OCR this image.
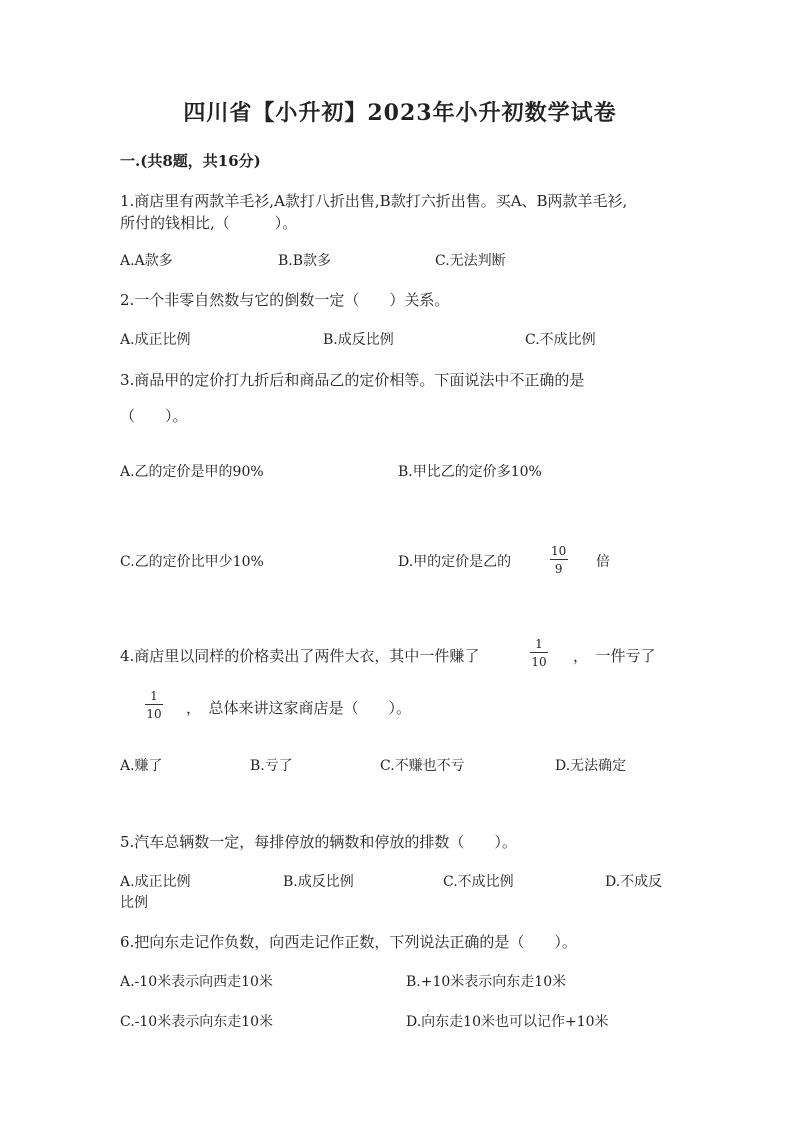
四川省【小升初】2023年小升初数学试卷
一.(共8题，共16分)
1.商店里有两款羊毛衫,A款打八折出售,B款打六折出售。买A、B两款羊毛衫,
所付的钱相比,（　　　）。
A.A款多	B.B款多	C.无法判断
2.一个非零自然数与它的倒数一定（　　）关系。
A.成正比例	B.成反比例	C.不成比例
3.商品甲的定价打九折后和商品乙的定价相等。下面说法中不正确的是
（　　）。
A.乙的定价是甲的90%	B.甲比乙的定价多10%
C.乙的定价比甲少10%	D.甲的定价是乙的
10
9 倍
4.商店里以同样的价格卖出了两件大衣，其中一件赚了
1
10 ，　一件亏了
1
10 ，　总体来讲这家商店是（　　）。
A.赚了	B.亏了	C.不赚也不亏	D.无法确定
5.汽车总辆数一定，每排停放的辆数和停放的排数（　　）。
A.成正比例	B.成反比例	C.不成比例	D.不成反
比例
6.把向东走记作负数，向西走记作正数，下列说法正确的是（　　）。
A.-10米表示向西走10米	B.+10米表示向东走10米
C.-10米表示向东走10米	D.向东走10米也可以记作+10米
